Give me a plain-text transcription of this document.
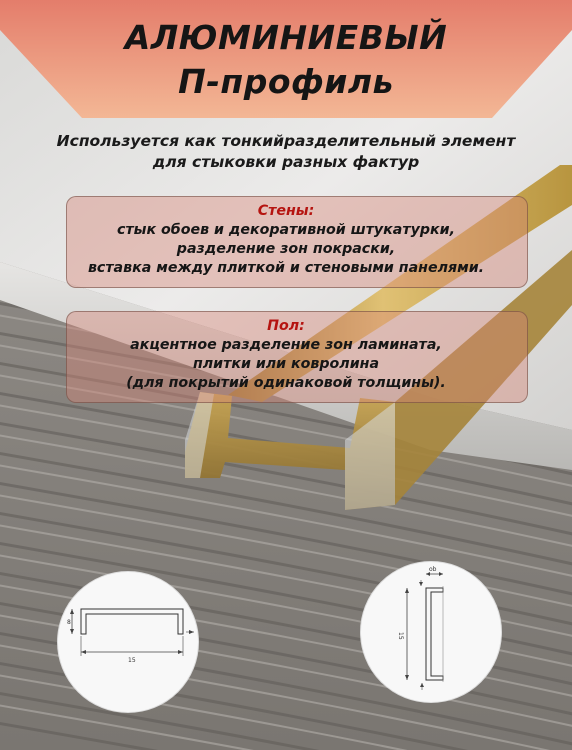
АЛЮМИНИЕВЫЙ
П-профиль
Используется как тонкийразделительный элемент
для стыковки разных фактур
Стены:
стык обоев и декоративной штукатурки,
разделение зон покраски,
вставка между плиткой и стеновыми панелями.
Пол:
акцентное разделение зон ламината,
плитки или ковролина
(для покрытий одинаковой толщины).
8
15
ob
15
